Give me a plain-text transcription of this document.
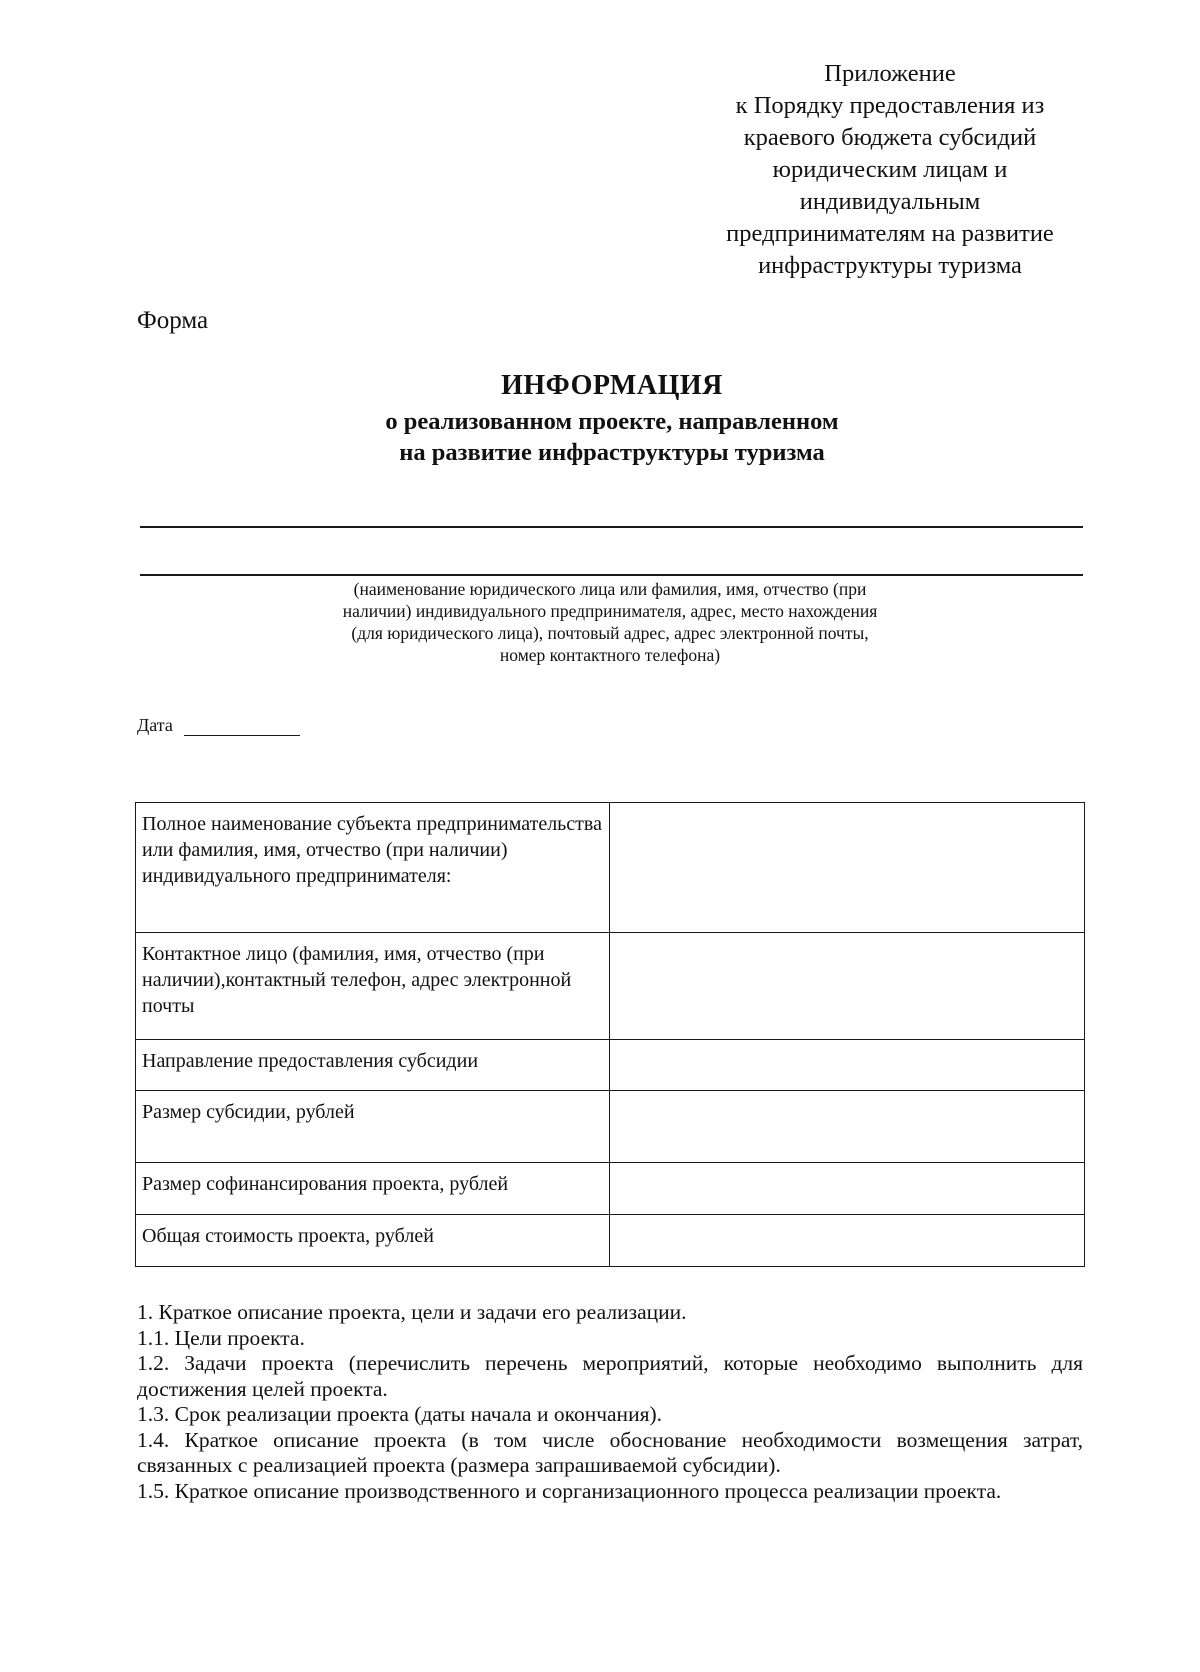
Приложение
к Порядку предоставления из
краевого бюджета субсидий
юридическим лицам и
индивидуальным
предпринимателям на развитие
инфраструктуры туризма
Форма
ИНФОРМАЦИЯ
о реализованном проекте, направленном
на развитие инфраструктуры туризма
(наименование юридического лица или фамилия, имя, отчество (при
наличии) индивидуального предпринимателя, адрес, место нахождения
(для юридического лица), почтовый адрес, адрес электронной почты,
номер контактного телефона)
Дата
Полное наименование субъекта предпринимательства или фамилия, имя, отчество (при наличии) индивидуального предпринимателя:	
Контактное лицо (фамилия, имя, отчество (при наличии),контактный телефон, адрес электронной почты	
Направление предоставления субсидии	
Размер субсидии, рублей	
Размер софинансирования проекта, рублей	
Общая стоимость проекта, рублей	

1. Краткое описание проекта, цели и задачи его реализации.

1.1. Цели проекта.

1.2. Задачи проекта (перечислить перечень мероприятий, которые необходимо выполнить для достижения целей проекта.

1.3. Срок реализации проекта (даты начала и окончания).

1.4. Краткое описание проекта (в том числе обоснование необходимости возмещения затрат, связанных с реализацией проекта (размера запрашиваемой субсидии).

1.5. Краткое описание производственного и сорганизационного процесса реализации проекта.
